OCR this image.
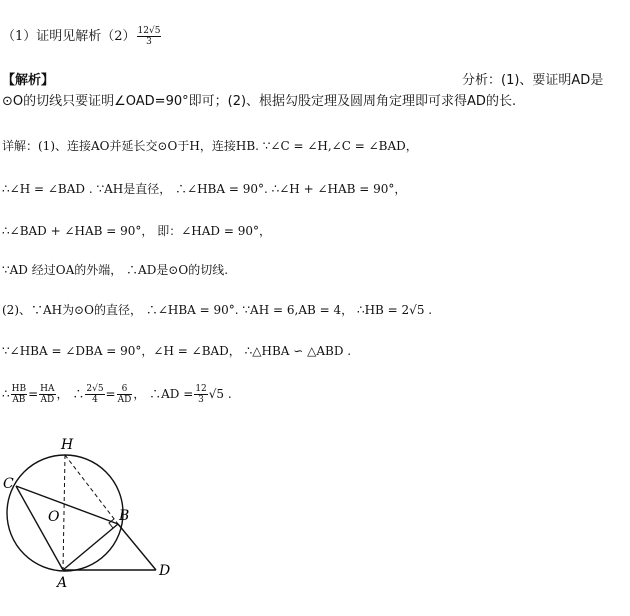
（1）证明见解析$(2) \frac{12√5}{3}$
【解析】	分析：(1)、要证明AD是
⊙O的切线只要证明∠OAD=90°即可；(2)、根据勾股定理及圆周角定理即可求得AD的长.
详解：(1)、连接AO并延长交⊙O于H，连接HB. ∵∠C = ∠H,∠C = ∠BAD，
∴∠H = ∠BAD . ∵AH是直径， ∴∠HBA = 90°. ∴∠H + ∠HAB = 90°，
∴∠BAD + ∠HAB = 90°， 即：∠HAD = 90°，
∵AD 经过OA的外端， ∴AD是⊙O的切线.
(2)、∵AH为⊙O的直径， ∴∠HBA = 90°. ∵AH = 6,AB = 4， ∴HB = 2√5 .
∵∠HBA = ∠DBA = 90°，∠H = ∠BAD， ∴△HBA ∽ △ABD .
∴ $\frac{HB}{AB} = \frac{HA}{AD}$ ， ∴ $\frac{2√5}{4} = \frac{6}{AD}$ ， ∴AD = $\frac{12}{3} √5$ .
H
C
O	B
A
D
